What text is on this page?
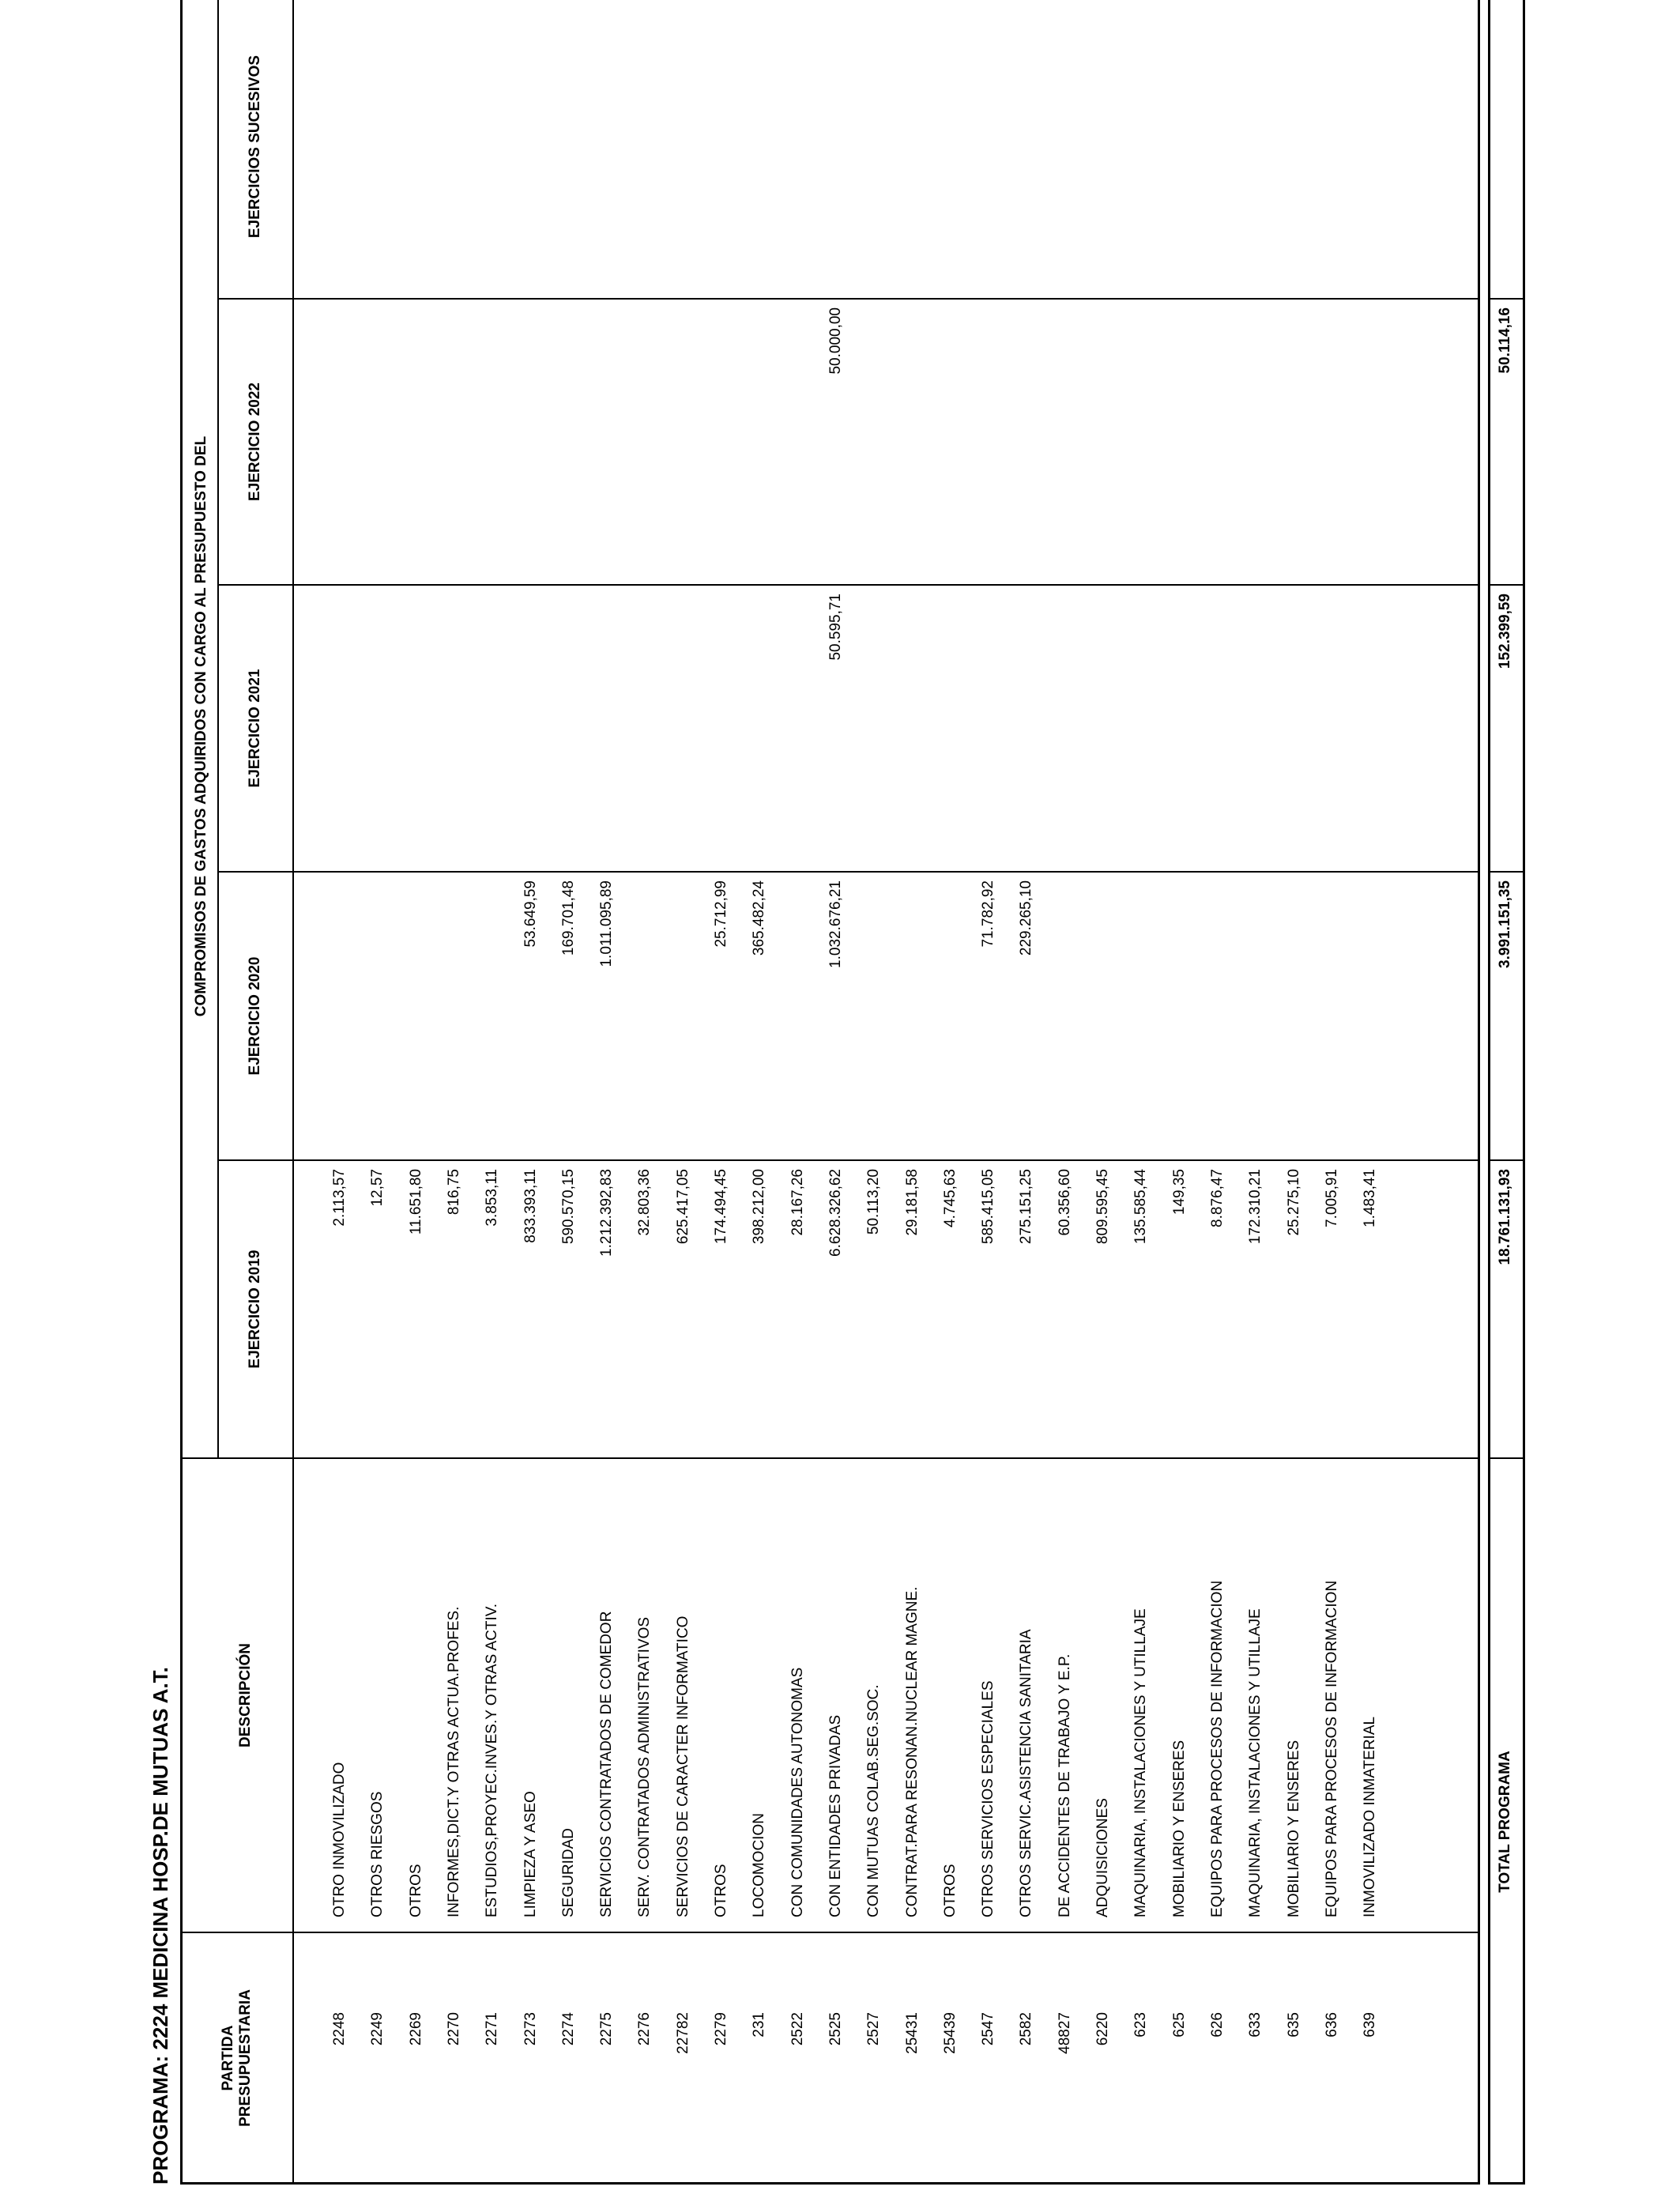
PROGRAMA: 2224 MEDICINA HOSP.DE MUTUAS A.T.	PARTIDA
PRESUPUESTARIA
DESCRIPCIÓN
COMPROMISOS DE GASTOS ADQUIRIDOS CON CARGO AL PRESUPUESTO DEL
EJERCICIO 2019
EJERCICIO 2020
EJERCICIO 2021
EJERCICIO 2022
EJERCICIOS SUCESIVOS
2248
OTRO INMOVILIZADO
2.113,57
2249
OTROS RIESGOS
12,57
2269
OTROS
11.651,80
2270
INFORMES,DICT.Y OTRAS ACTUA.PROFES.
816,75
2271
ESTUDIOS,PROYEC.INVES.Y OTRAS ACTIV.
3.853,11
2273
LIMPIEZA Y ASEO
833.393,11
53.649,59
2274
SEGURIDAD
590.570,15
169.701,48
2275
SERVICIOS CONTRATADOS DE COMEDOR
1.212.392,83
1.011.095,89
2276
SERV. CONTRATADOS ADMINISTRATIVOS
32.803,36
22782
SERVICIOS DE CARACTER INFORMATICO
625.417,05
2279
OTROS
174.494,45
25.712,99
231
LOCOMOCION
398.212,00
365.482,24
2522
CON COMUNIDADES AUTONOMAS
28.167,26
2525
CON ENTIDADES PRIVADAS
6.628.326,62
1.032.676,21
50.595,71
50.000,00
2527
CON MUTUAS COLAB.SEG.SOC.
50.113,20
25431
CONTRAT.PARA RESONAN.NUCLEAR MAGNE.
29.181,58
25439
OTROS
4.745,63
2547
OTROS SERVICIOS ESPECIALES
585.415,05
71.782,92
2582
OTROS SERVIC.ASISTENCIA SANITARIA
275.151,25
229.265,10
48827
DE ACCIDENTES DE TRABAJO Y E.P.
60.356,60
6220
ADQUISICIONES
809.595,45
623
MAQUINARIA, INSTALACIONES Y UTILLAJE
135.585,44
625
MOBILIARIO Y ENSERES
149,35
626
EQUIPOS PARA PROCESOS DE INFORMACION
8.876,47
633
MAQUINARIA, INSTALACIONES Y UTILLAJE
172.310,21
635
MOBILIARIO Y ENSERES
25.275,10
636
EQUIPOS PARA PROCESOS DE INFORMACION
7.005,91
639
INMOVILIZADO INMATERIAL
1.483,41
TOTAL PROGRAMA
18.761.131,93
3.991.151,35
152.399,59
50.114,16
